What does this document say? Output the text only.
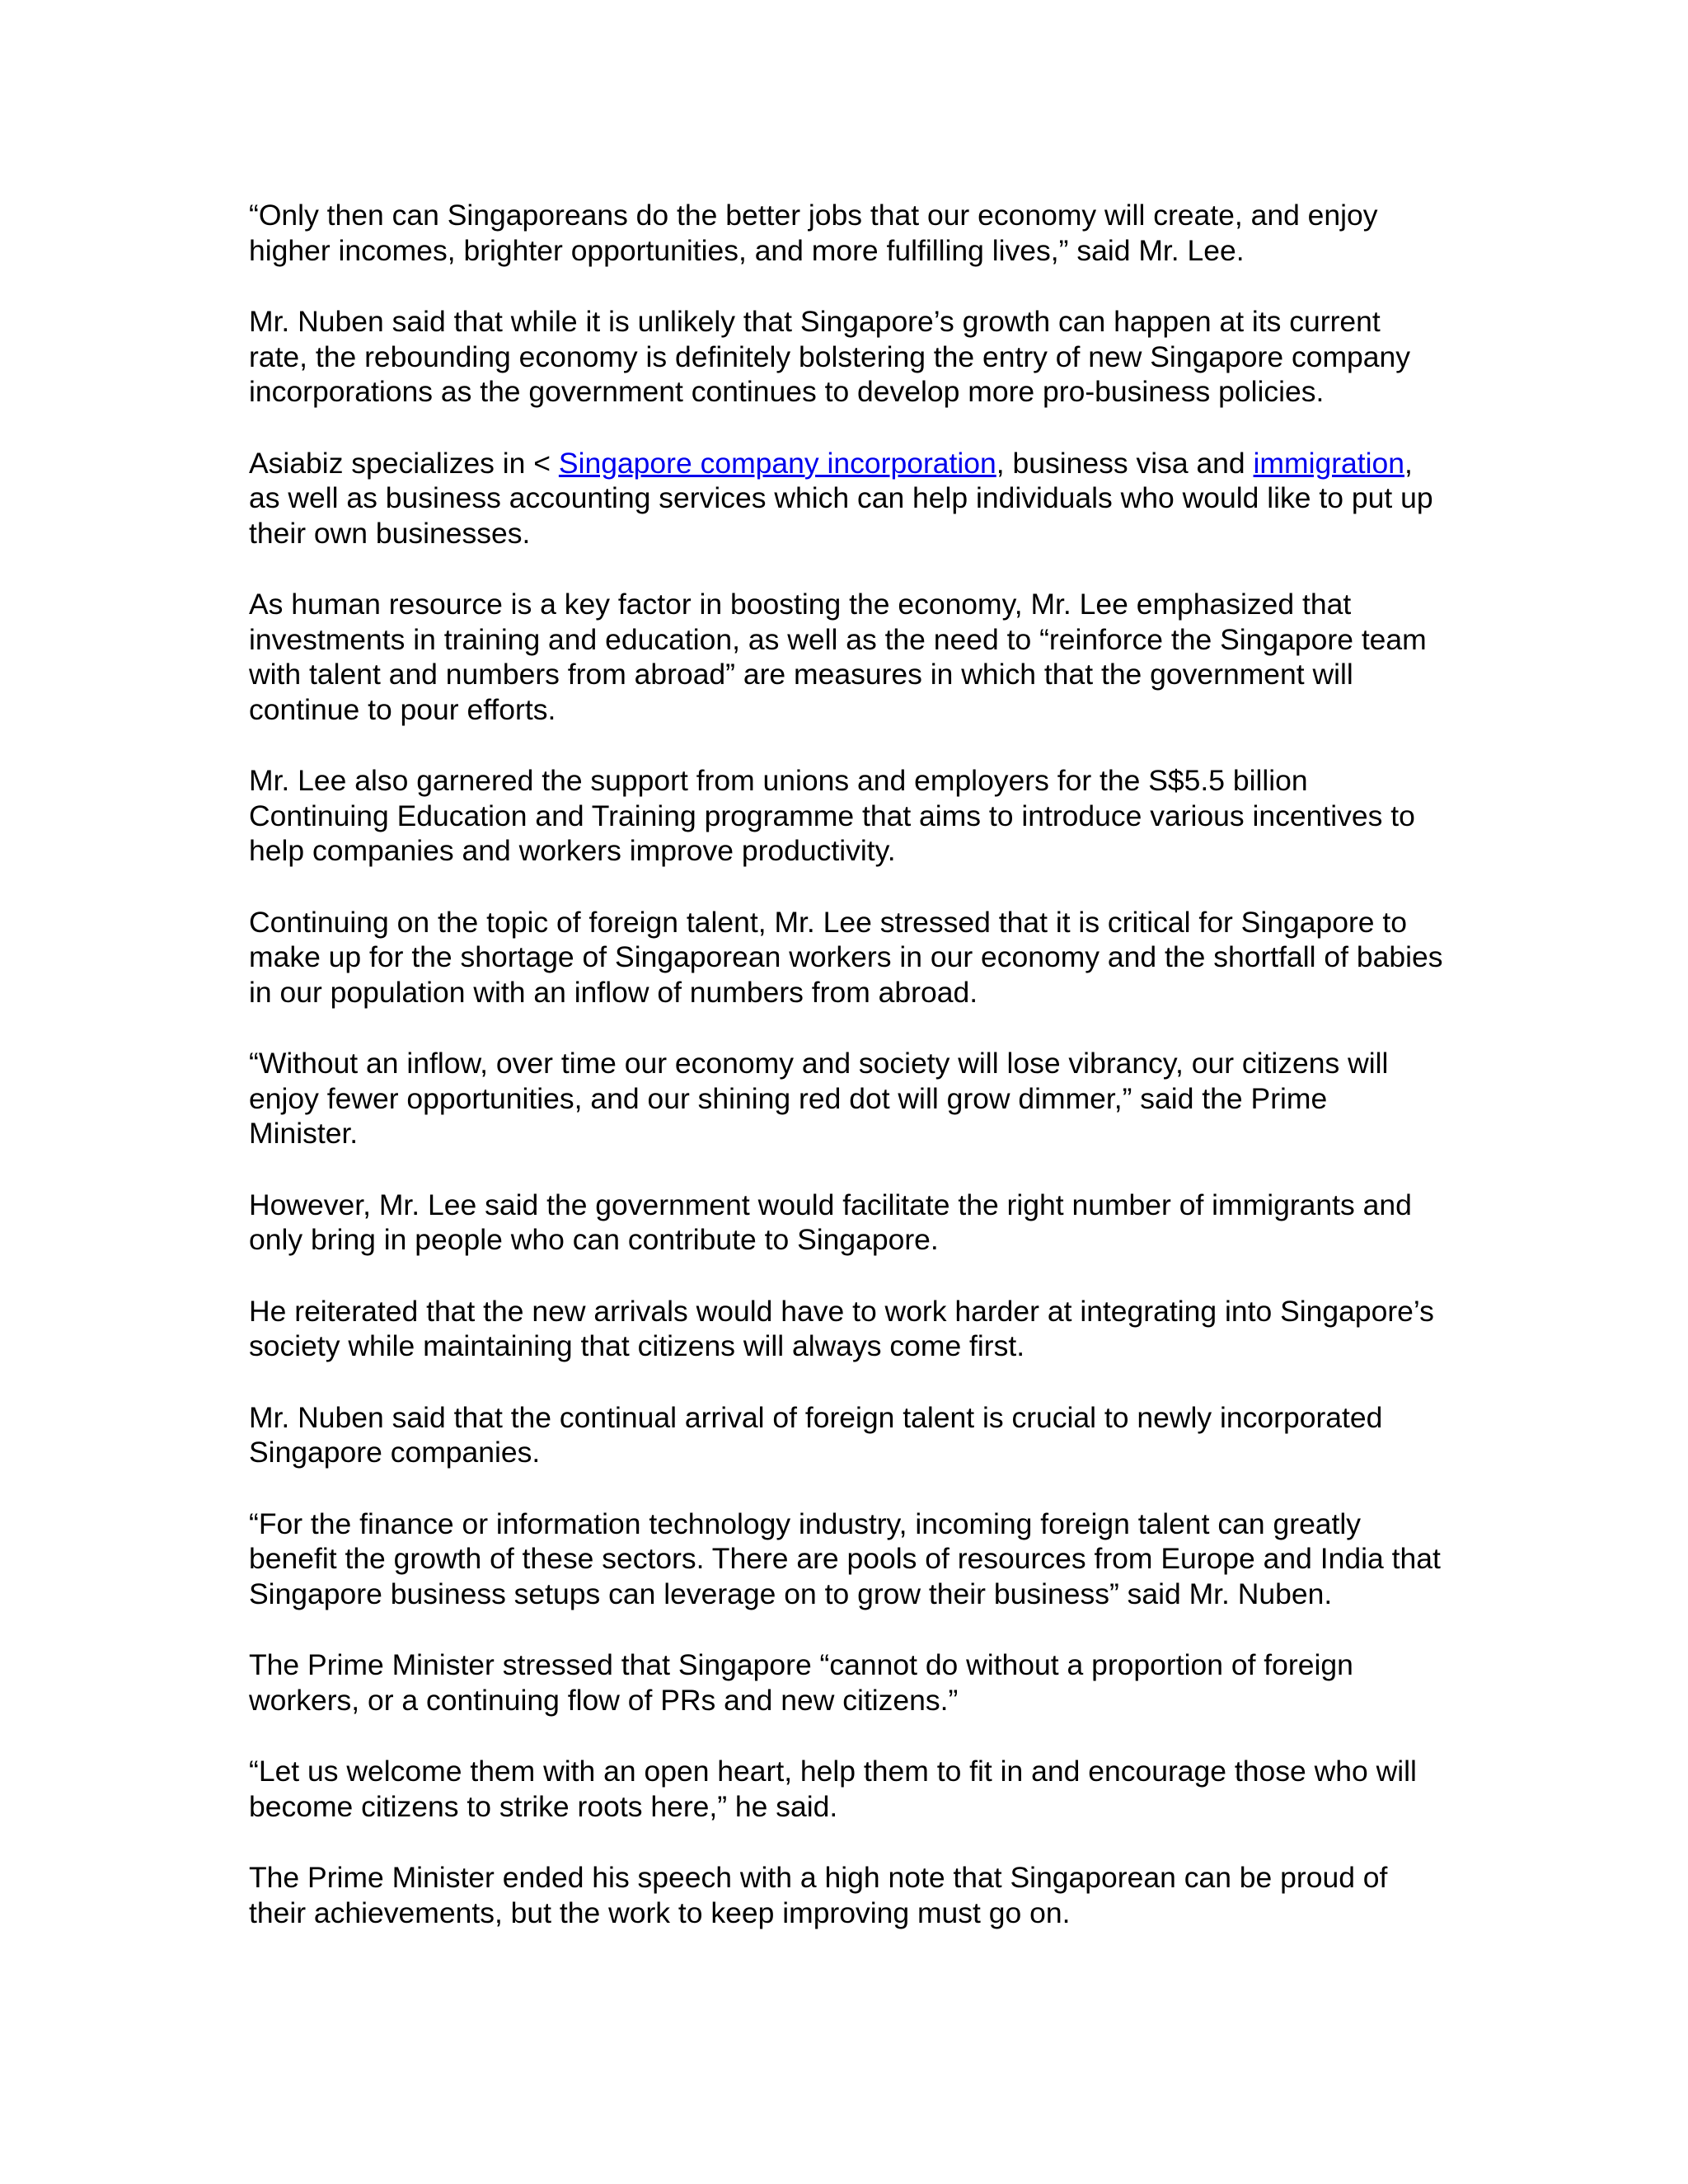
“Only then can Singaporeans do the better jobs that our economy will create, and enjoy higher incomes, brighter opportunities, and more fulfilling lives,” said Mr. Lee.

Mr. Nuben said that while it is unlikely that Singapore’s growth can happen at its current rate, the rebounding economy is definitely bolstering the entry of new Singapore company incorporations as the government continues to develop more pro-business policies.

Asiabiz specializes in < Singapore company incorporation, business visa and immigration, as well as business accounting services which can help individuals who would like to put up their own businesses.

As human resource is a key factor in boosting the economy, Mr. Lee emphasized that investments in training and education, as well as the need to “reinforce the Singapore team with talent and numbers from abroad” are measures in which that the government will continue to pour efforts.

Mr. Lee also garnered the support from unions and employers for the S$5.5 billion Continuing Education and Training programme that aims to introduce various incentives to help companies and workers improve productivity.

Continuing on the topic of foreign talent, Mr. Lee stressed that it is critical for Singapore to make up for the shortage of Singaporean workers in our economy and the shortfall of babies in our population with an inflow of numbers from abroad.

“Without an inflow, over time our economy and society will lose vibrancy, our citizens will enjoy fewer opportunities, and our shining red dot will grow dimmer,” said the Prime Minister.

However, Mr. Lee said the government would facilitate the right number of immigrants and only bring in people who can contribute to Singapore.

He reiterated that the new arrivals would have to work harder at integrating into Singapore’s society while maintaining that citizens will always come first.

Mr. Nuben said that the continual arrival of foreign talent is crucial to newly incorporated Singapore companies.

“For the finance or information technology industry, incoming foreign talent can greatly benefit the growth of these sectors. There are pools of resources from Europe and India that Singapore business setups can leverage on to grow their business” said Mr. Nuben.

The Prime Minister stressed that Singapore “cannot do without a proportion of foreign workers, or a continuing flow of PRs and new citizens.”

“Let us welcome them with an open heart, help them to fit in and encourage those who will become citizens to strike roots here,” he said.

The Prime Minister ended his speech with a high note that Singaporean can be proud of their achievements, but the work to keep improving must go on.
